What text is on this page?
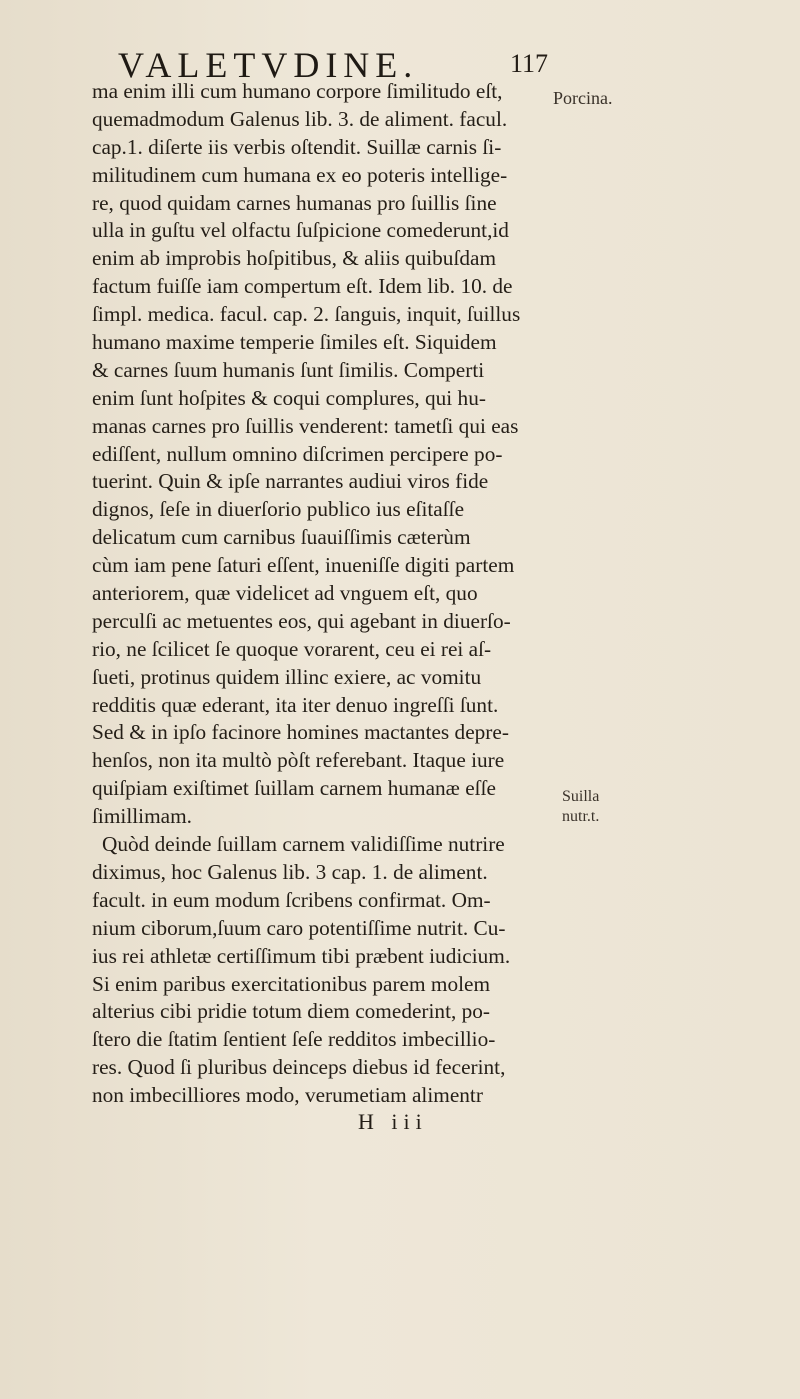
VALETVDINE.	117
Porcina.
Suilla
nutr.t.
ma enim illi cum humano corpore ſimilitudo eſt,
quemadmodum Galenus lib. 3. de aliment. facul.
cap.1. diſerte iis verbis oſtendit. Suillæ carnis ſi-
militudinem cum humana ex eo poteris intellige-
re, quod quidam carnes humanas pro ſuillis ſine
ulla in guſtu vel olfactu ſuſpicione comederunt,id
enim ab improbis hoſpitibus, & aliis quibuſdam
factum fuiſſe iam compertum eſt. Idem lib. 10. de
ſimpl. medica. facul. cap. 2. ſanguis, inquit, ſuillus
humano maxime temperie ſimiles eſt. Siquidem
& carnes ſuum humanis ſunt ſimilis. Comperti
enim ſunt hoſpites & coqui complures, qui hu-
manas carnes pro ſuillis venderent: tametſi qui eas
ediſſent, nullum omnino diſcrimen percipere po-
tuerint. Quin & ipſe narrantes audiui viros fide
dignos, ſeſe in diuerſorio publico ius eſitaſſe
delicatum cum carnibus ſuauiſſimis cæterùm
cùm iam pene ſaturi eſſent, inueniſſe digiti partem
anteriorem, quæ videlicet ad vnguem eſt, quo
perculſi ac metuentes eos, qui agebant in diuerſo-
rio, ne ſcilicet ſe quoque vorarent, ceu ei rei aſ-
ſueti, protinus quidem illinc exiere, ac vomitu
redditis quæ ederant, ita iter denuo ingreſſi ſunt.
Sed & in ipſo facinore homines mactantes depre-
henſos, non ita multò pòſt referebant. Itaque iure
quiſpiam exiſtimet ſuillam carnem humanæ eſſe
ſimillimam.
Quòd deinde ſuillam carnem validiſſime nutrire
diximus, hoc Galenus lib. 3 cap. 1. de aliment.
facult. in eum modum ſcribens confirmat. Om-
nium ciborum,ſuum caro potentiſſime nutrit. Cu-
ius rei athletæ certiſſimum tibi præbent iudicium.
Si enim paribus exercitationibus parem molem
alterius cibi pridie totum diem comederint, po-
ſtero die ſtatim ſentient ſeſe redditos imbecillio-
res. Quod ſi pluribus deinceps diebus id fecerint,
non imbecilliores modo, verumetiam alimentr
H iii
